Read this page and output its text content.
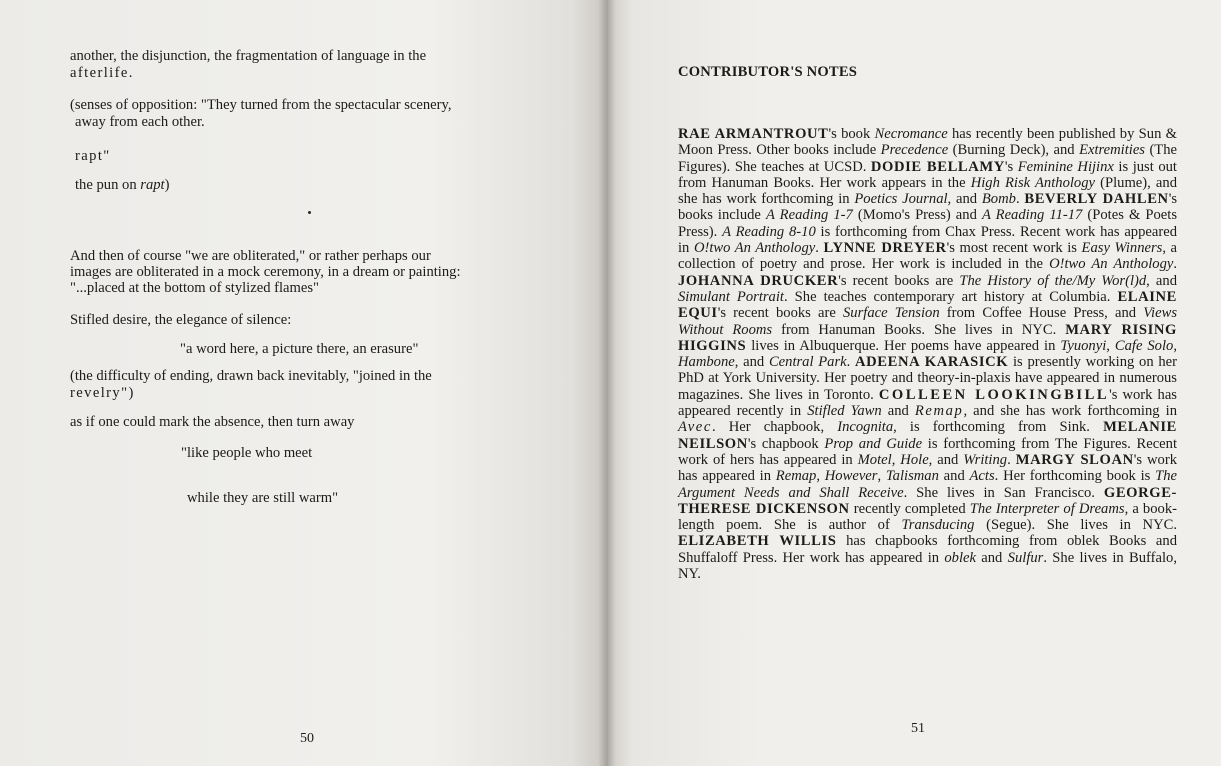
another, the disjunction, the fragmentation of language in the

afterlife.

(senses of opposition: "They turned from the spectacular scenery,

away from each other.

rapt"

the pun on rapt)

And then of course "we are obliterated," or rather perhaps our

images are obliterated in a mock ceremony, in a dream or painting:

"...placed at the bottom of stylized flames"

Stifled desire, the elegance of silence:

"a word here, a picture there, an erasure"

(the difficulty of ending, drawn back inevitably, "joined in the

revelry")

as if one could mark the absence, then turn away

"like people who meet

while they are still warm"

50
CONTRIBUTOR'S NOTES

RAE ARMANTROUT's book Necromance has recently been published by Sun & Moon Press. Other books include Precedence (Burning Deck), and Extremities (The Figures). She teaches at UCSD. DODIE BELLAMY's Feminine Hijinx is just out from Hanuman Books. Her work appears in the High Risk Anthology (Plume), and she has work forthcoming in Poetics Journal, and Bomb. BEVERLY DAHLEN's books include A Reading 1-7 (Momo's Press) and A Reading 11-17 (Potes & Poets Press). A Reading 8-10 is forthcoming from Chax Press. Recent work has appeared in O!two An Anthology. LYNNE DREYER's most recent work is Easy Winners, a collection of poetry and prose. Her work is included in the O!two An Anthology. JOHANNA DRUCKER's recent books are The History of the/My Wor(l)d, and Simulant Portrait. She teaches contemporary art history at Columbia. ELAINE EQUI's recent books are Surface Tension from Coffee House Press, and Views Without Rooms from Hanuman Books. She lives in NYC. MARY RISING HIGGINS lives in Albuquerque. Her poems have appeared in Tyuonyi, Cafe Solo, Hambone, and Central Park. ADEENA KARASICK is presently working on her PhD at York University. Her poetry and theory-in-plaxis have appeared in numerous magazines. She lives in Toronto. COLLEEN LOOKINGBILL's work has appeared recently in Stifled Yawn and Remap, and she has work forthcoming in Avec. Her chapbook, Incognita, is forthcoming from Sink. MELANIE NEILSON's chapbook Prop and Guide is forthcoming from The Figures. Recent work of hers has appeared in Motel, Hole, and Writing. MARGY SLOAN's work has appeared in Remap, However, Talisman and Acts. Her forthcoming book is The Argument Needs and Shall Receive. She lives in San Francisco. GEORGE-THERESE DICKENSON recently completed The Interpreter of Dreams, a book-length poem. She is author of Transducing (Segue). She lives in NYC. ELIZABETH WILLIS has chapbooks forthcoming from oblek Books and Shuffaloff Press. Her work has appeared in oblek and Sulfur. She lives in Buffalo, NY.

51
